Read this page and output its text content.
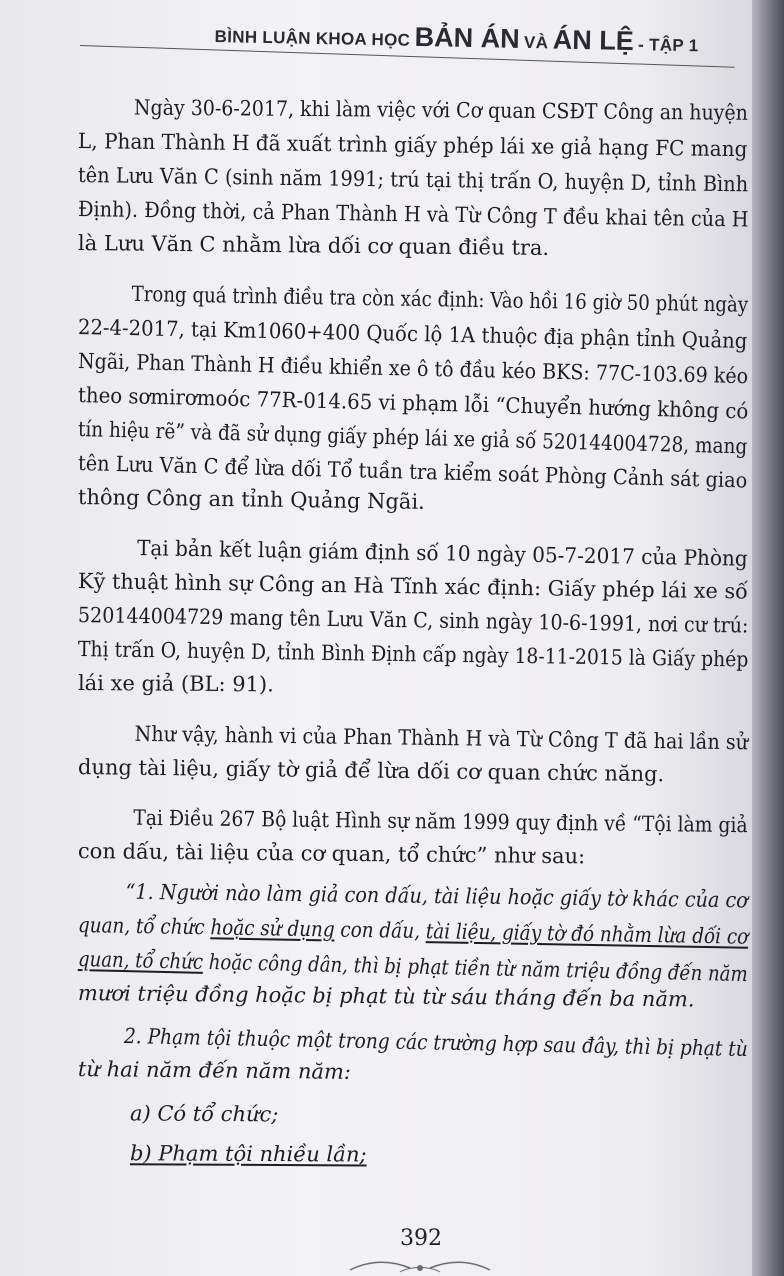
BÌNH LUẬN KHOA HỌC BẢN ÁN VÀ ÁN LỆ - TẬP 1
Ngày 30-6-2017, khi làm việc với Cơ quan CSĐT Công an huyện
L, Phan Thành H đã xuất trình giấy phép lái xe giả hạng FC mang
tên Lưu Văn C (sinh năm 1991; trú tại thị trấn O, huyện D, tỉnh Bình
Định). Đồng thời, cả Phan Thành H và Từ Công T đều khai tên của H
là Lưu Văn C nhằm lừa dối cơ quan điều tra.
Trong quá trình điều tra còn xác định: Vào hồi 16 giờ 50 phút ngày
22-4-2017, tại Km1060+400 Quốc lộ 1A thuộc địa phận tỉnh Quảng
Ngãi, Phan Thành H điều khiển xe ô tô đầu kéo BKS: 77C-103.69 kéo
theo sơmirơmoóc 77R-014.65 vi phạm lỗi “Chuyển hướng không có
tín hiệu rẽ” và đã sử dụng giấy phép lái xe giả số 520144004728, mang
tên Lưu Văn C để lừa dối Tổ tuần tra kiểm soát Phòng Cảnh sát giao
thông Công an tỉnh Quảng Ngãi.
Tại bản kết luận giám định số 10 ngày 05-7-2017 của Phòng
Kỹ thuật hình sự Công an Hà Tĩnh xác định: Giấy phép lái xe số
520144004729 mang tên Lưu Văn C, sinh ngày 10-6-1991, nơi cư trú:
Thị trấn O, huyện D, tỉnh Bình Định cấp ngày 18-11-2015 là Giấy phép
lái xe giả (BL: 91).
Như vậy, hành vi của Phan Thành H và Từ Công T đã hai lần sử
dụng tài liệu, giấy tờ giả để lừa dối cơ quan chức năng.
Tại Điều 267 Bộ luật Hình sự năm 1999 quy định về “Tội làm giả
con dấu, tài liệu của cơ quan, tổ chức” như sau:
“1. Người nào làm giả con dấu, tài liệu hoặc giấy tờ khác của cơ
quan, tổ chức hoặc sử dụng con dấu, tài liệu, giấy tờ đó nhằm lừa dối cơ
quan, tổ chức hoặc công dân, thì bị phạt tiền từ năm triệu đồng đến năm
mươi triệu đồng hoặc bị phạt tù từ sáu tháng đến ba năm.
2. Phạm tội thuộc một trong các trường hợp sau đây, thì bị phạt tù
từ hai năm đến năm năm:
a) Có tổ chức;
b) Phạm tội nhiều lần;
392
